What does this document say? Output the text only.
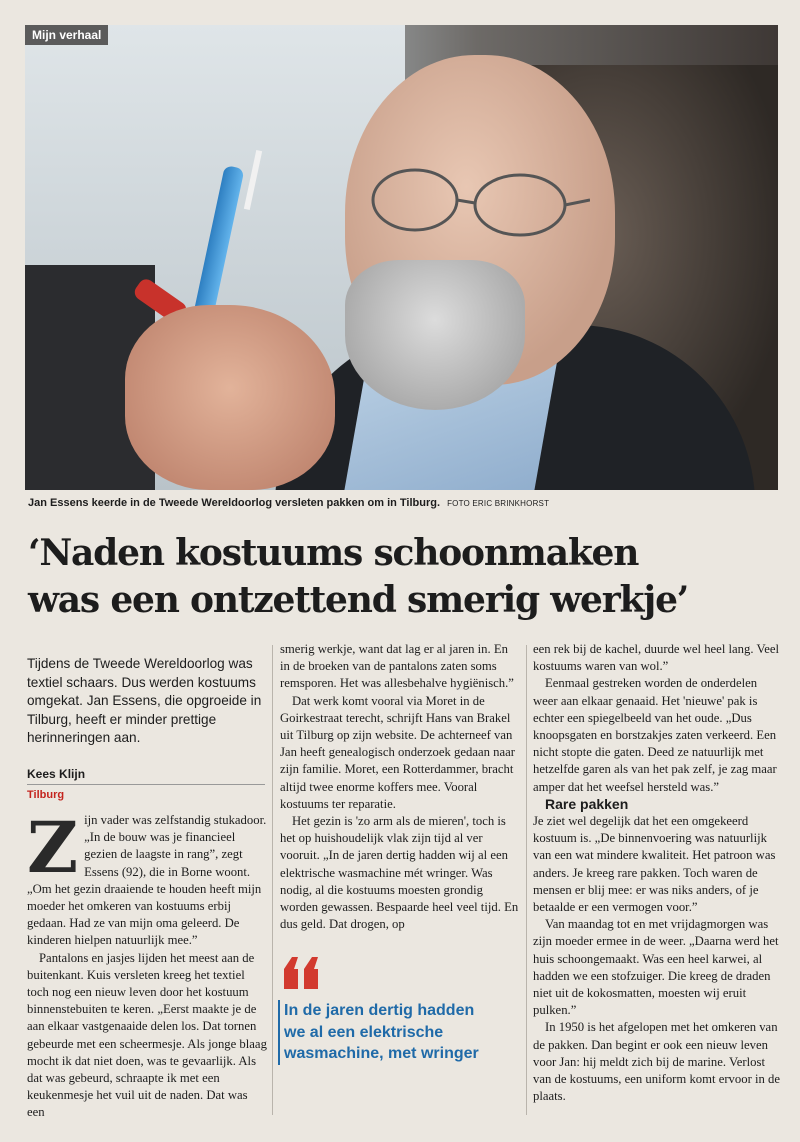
Mijn verhaal
Jan Essens keerde in de Tweede Wereldoorlog versleten pakken om in Tilburg. FOTO ERIC BRINKHORST
‘Naden kostuums schoonmaken
was een ontzettend smerig werkje’
Tijdens de Tweede Wereldoorlog was textiel schaars. Dus werden kostuums omgekat. Jan Essens, die opgroeide in Tilburg, heeft er minder prettige herinneringen aan.
Kees Klijn
Tilburg
Z ijn vader was zelfstandig stukadoor. „In de bouw was je financieel gezien de laagste in rang”, zegt Essens (92), die in Borne woont. „Om het gezin draaiende te houden heeft mijn moeder het omkeren van kostuums erbij gedaan. Had ze van mijn oma geleerd. De kinderen hielpen natuurlijk mee.”

Pantalons en jasjes lijden het meest aan de buitenkant. Kuis versleten kreeg het textiel toch nog een nieuw leven door het kostuum binnenstebuiten te keren. „Eerst maakte je de aan elkaar vastgenaaide delen los. Dat tornen gebeurde met een scheermesje. Als jonge blaag mocht ik dat niet doen, was te gevaarlijk. Als dat was gebeurd, schraapte ik met een keukenmesje het vuil uit de naden. Dat was een

smerig werkje, want dat lag er al jaren in. En in de broeken van de pantalons zaten soms remsporen. Het was allesbehalve hygiënisch.”

Dat werk komt vooral via Moret in de Goirkestraat terecht, schrijft Hans van Brakel uit Tilburg op zijn website. De achterneef van Jan heeft genealogisch onderzoek gedaan naar zijn familie. Moret, een Rotterdammer, bracht altijd twee enorme koffers mee. Vooral kostuums ter reparatie.

Het gezin is 'zo arm als de mieren', toch is het op huishoudelijk vlak zijn tijd al ver vooruit. „In de jaren dertig hadden wij al een elektrische wasmachine mét wringer. Was nodig, al die kostuums moesten grondig worden gewassen. Bespaarde heel veel tijd. En dus geld. Dat drogen, op

In de jaren dertig hadden we al een elektrische wasmachine, met wringer

een rek bij de kachel, duurde wel heel lang. Veel kostuums waren van wol.”

Eenmaal gestreken worden de onderdelen weer aan elkaar genaaid. Het 'nieuwe' pak is echter een spiegelbeeld van het oude. „Dus knoopsgaten en borstzakjes zaten verkeerd. Een nicht stopte die gaten. Deed ze natuurlijk met hetzelfde garen als van het pak zelf, je zag maar amper dat het weefsel hersteld was.”

Rare pakken

Je ziet wel degelijk dat het een omgekeerd kostuum is. „De binnenvoering was natuurlijk van een wat mindere kwaliteit. Het patroon was anders. Je kreeg rare pakken. Toch waren de mensen er blij mee: er was niks anders, of je betaalde er een vermogen voor.”

Van maandag tot en met vrijdagmorgen was zijn moeder ermee in de weer. „Daarna werd het huis schoongemaakt. Was een heel karwei, al hadden we een stofzuiger. Die kreeg de draden niet uit de kokosmatten, moesten wij eruit pulken.”

In 1950 is het afgelopen met het omkeren van de pakken. Dan begint er ook een nieuw leven voor Jan: hij meldt zich bij de marine. Verlost van de kostuums, een uniform komt ervoor in de plaats.
